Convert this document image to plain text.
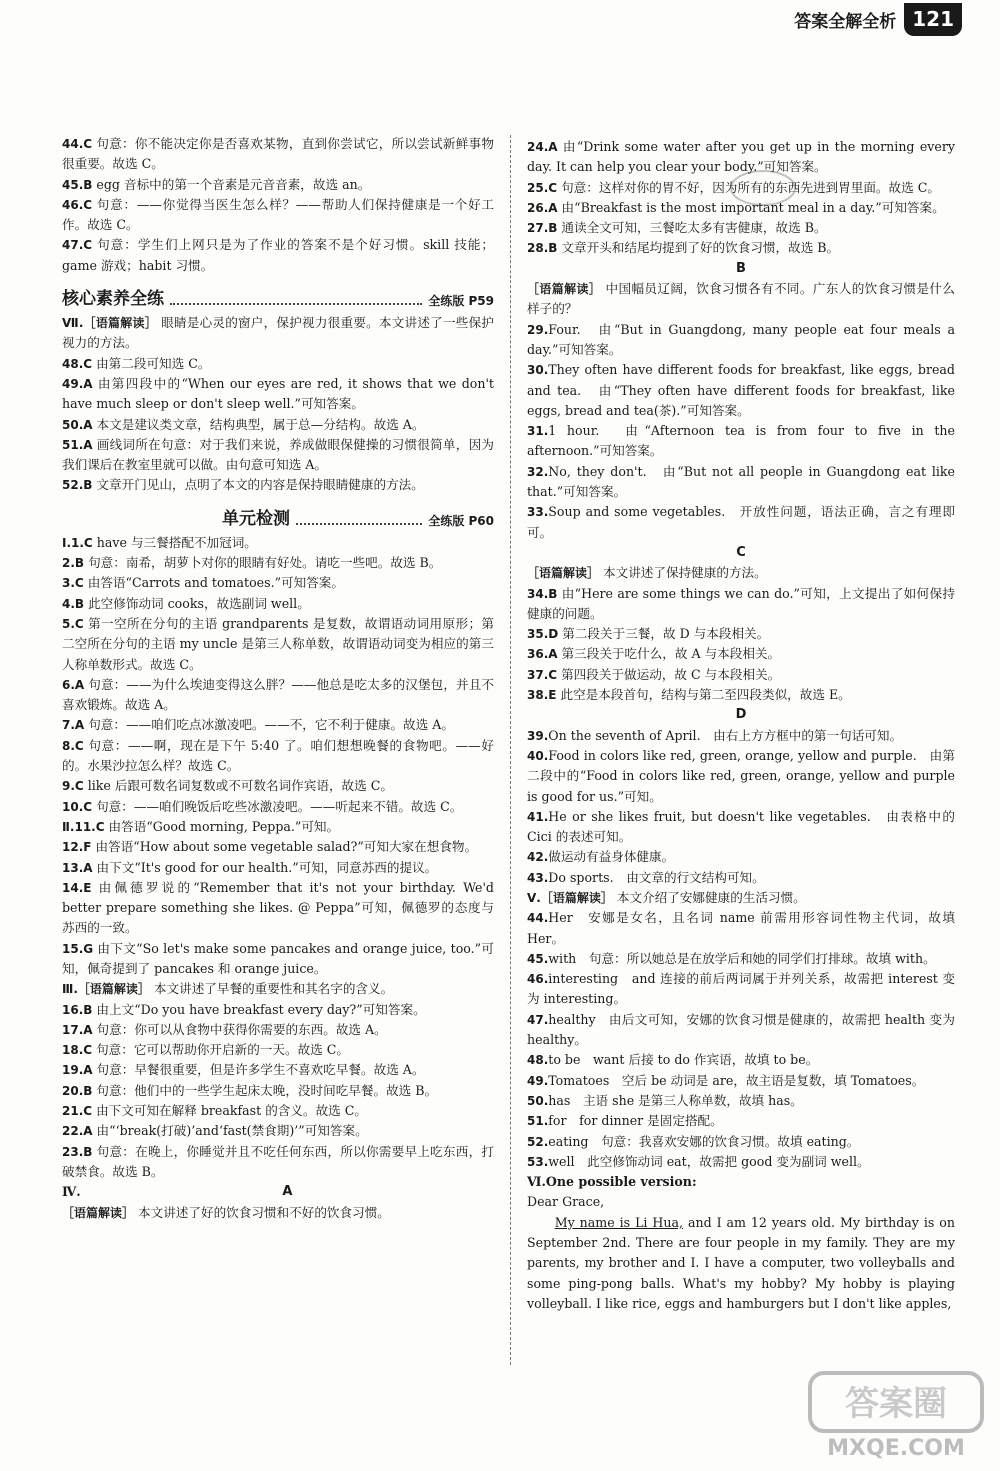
答案全解全析 121

44.C 句意：你不能决定你是否喜欢某物，直到你尝试它，所以尝试新鲜事物很重要。故选 C。

45.B egg 音标中的第一个音素是元音音素，故选 an。

46.C 句意：——你觉得当医生怎么样？——帮助人们保持健康是一个好工作。故选 C。

47.C 句意：学生们上网只是为了作业的答案不是个好习惯。skill 技能；game 游戏；habit 习惯。

核心素养全练	全练版 P59

Ⅶ.［语篇解读］ 眼睛是心灵的窗户，保护视力很重要。本文讲述了一些保护视力的方法。

48.C 由第二段可知选 C。

49.A 由第四段中的“When our eyes are red, it shows that we don't have much sleep or don't sleep well.”可知答案。

50.A 本文是建议类文章，结构典型，属于总—分结构。故选 A。

51.A 画线词所在句意：对于我们来说，养成做眼保健操的习惯很简单，因为我们课后在教室里就可以做。由句意可知选 A。

52.B 文章开门见山，点明了本文的内容是保持眼睛健康的方法。

单元检测	全练版 P60

Ⅰ.1.C have 与三餐搭配不加冠词。

2.B 句意：南希，胡萝卜对你的眼睛有好处。请吃一些吧。故选 B。

3.C 由答语“Carrots and tomatoes.”可知答案。

4.B 此空修饰动词 cooks，故选副词 well。

5.C 第一空所在分句的主语 grandparents 是复数，故谓语动词用原形；第二空所在分句的主语 my uncle 是第三人称单数，故谓语动词变为相应的第三人称单数形式。故选 C。

6.A 句意：——为什么埃迪变得这么胖？——他总是吃太多的汉堡包，并且不喜欢锻炼。故选 A。

7.A 句意：——咱们吃点冰激凌吧。——不，它不利于健康。故选 A。

8.C 句意：——啊，现在是下午 5:40 了。咱们想想晚餐的食物吧。——好的。水果沙拉怎么样？故选 C。

9.C like 后跟可数名词复数或不可数名词作宾语，故选 C。

10.C 句意：——咱们晚饭后吃些冰激凌吧。——听起来不错。故选 C。

Ⅱ.11.C 由答语“Good morning, Peppa.”可知。

12.F 由答语“How about some vegetable salad?”可知大家在想食物。

13.A 由下文“It's good for our health.”可知，同意苏西的提议。

14.E 由佩德罗说的“Remember that it's not your birthday. We'd better prepare something she likes. @ Peppa”可知，佩德罗的态度与苏西的一致。

15.G 由下文“So let's make some pancakes and orange juice, too.”可知，佩奇提到了 pancakes 和 orange juice。

Ⅲ.［语篇解读］ 本文讲述了早餐的重要性和其名字的含义。

16.B 由上文“Do you have breakfast every day?”可知答案。

17.A 句意：你可以从食物中获得你需要的东西。故选 A。

18.C 句意：它可以帮助你开启新的一天。故选 C。

19.A 句意：早餐很重要，但是许多学生不喜欢吃早餐。故选 A。

20.B 句意：他们中的一些学生起床太晚，没时间吃早餐。故选 B。

21.C 由下文可知在解释 breakfast 的含义。故选 C。

22.A 由“‘break(打破)’and‘fast(禁食期)’”可知答案。

23.B 句意：在晚上，你睡觉并且不吃任何东西，所以你需要早上吃东西，打破禁食。故选 B。

Ⅳ.	A

［语篇解读］ 本文讲述了好的饮食习惯和不好的饮食习惯。

24.A 由“Drink some water after you get up in the morning every day. It can help you clear your body.”可知答案。

25.C 句意：这样对你的胃不好，因为所有的东西先进到胃里面。故选 C。

26.A 由“Breakfast is the most important meal in a day.”可知答案。

27.B 通读全文可知，三餐吃太多有害健康，故选 B。

28.B 文章开头和结尾均提到了好的饮食习惯，故选 B。

B

［语篇解读］ 中国幅员辽阔，饮食习惯各有不同。广东人的饮食习惯是什么样子的？

29.Four.　由“But in Guangdong, many people eat four meals a day.”可知答案。

30.They often have different foods for breakfast, like eggs, bread and tea.　由“They often have different foods for breakfast, like eggs, bread and tea(茶).”可知答案。

31.1 hour.　由“Afternoon tea is from four to five in the afternoon.”可知答案。

32.No, they don't.　由“But not all people in Guangdong eat like that.”可知答案。

33.Soup and some vegetables.　开放性问题，语法正确，言之有理即可。

C

［语篇解读］ 本文讲述了保持健康的方法。

34.B 由“Here are some things we can do.”可知，上文提出了如何保持健康的问题。

35.D 第二段关于三餐，故 D 与本段相关。

36.A 第三段关于吃什么，故 A 与本段相关。

37.C 第四段关于做运动，故 C 与本段相关。

38.E 此空是本段首句，结构与第二至四段类似，故选 E。

D

39.On the seventh of April.　由右上方方框中的第一句话可知。

40.Food in colors like red, green, orange, yellow and purple.　由第二段中的“Food in colors like red, green, orange, yellow and purple is good for us.”可知。

41.He or she likes fruit, but doesn't like vegetables.　由表格中的 Cici 的表述可知。

42.做运动有益身体健康。

43.Do sports.　由文章的行文结构可知。

Ⅴ.［语篇解读］ 本文介绍了安娜健康的生活习惯。

44.Her　安娜是女名，且名词 name 前需用形容词性物主代词，故填 Her。

45.with　句意：所以她总是在放学后和她的同学们打排球。故填 with。

46.interesting　and 连接的前后两词属于并列关系，故需把 interest 变为 interesting。

47.healthy　由后文可知，安娜的饮食习惯是健康的，故需把 health 变为 healthy。

48.to be　want 后接 to do 作宾语，故填 to be。

49.Tomatoes　空后 be 动词是 are，故主语是复数，填 Tomatoes。

50.has　主语 she 是第三人称单数，故填 has。

51.for　for dinner 是固定搭配。

52.eating　句意：我喜欢安娜的饮食习惯。故填 eating。

53.well　此空修饰动词 eat，故需把 good 变为副词 well。

Ⅵ.One possible version:

Dear Grace,

My name is Li Hua, and I am 12 years old. My birthday is on September 2nd. There are four people in my family. They are my parents, my brother and I. I have a computer, two volleyballs and some ping-pong balls. What's my hobby? My hobby is playing volleyball. I like rice, eggs and hamburgers but I don't like apples,

答案圈
MXQE.COM
